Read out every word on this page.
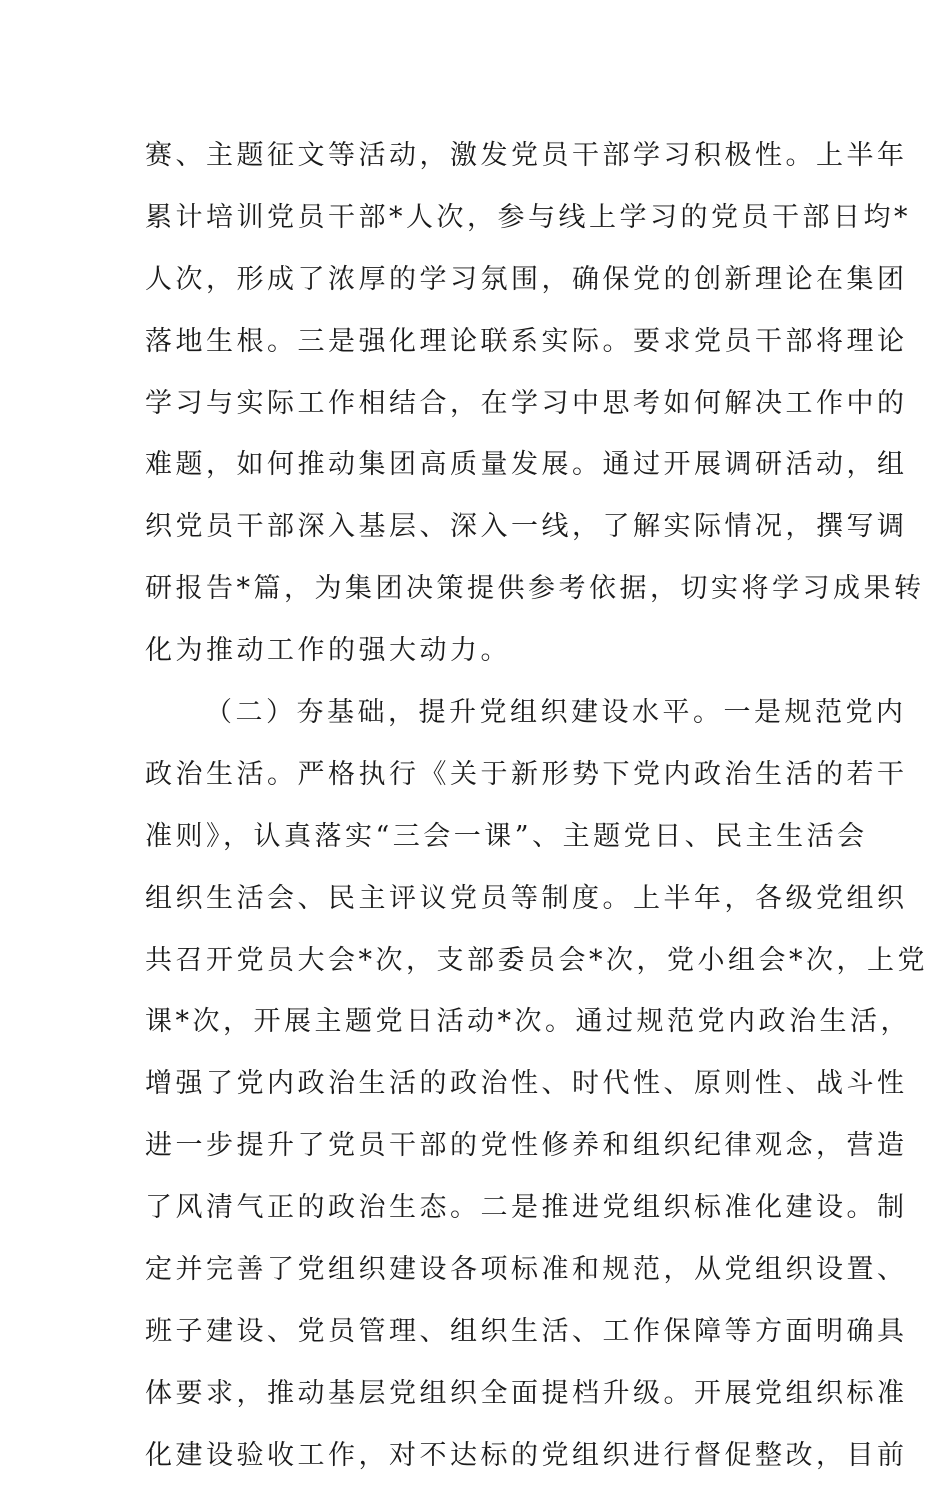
赛、主题征文等活动，激发党员干部学习积极性。上半年
累计培训党员干部*人次，参与线上学习的党员干部日均*
人次，形成了浓厚的学习氛围，确保党的创新理论在集团
落地生根。三是强化理论联系实际。要求党员干部将理论
学习与实际工作相结合，在学习中思考如何解决工作中的
难题，如何推动集团高质量发展。通过开展调研活动，组
织党员干部深入基层、深入一线，了解实际情况，撰写调
研报告*篇，为集团决策提供参考依据，切实将学习成果转
化为推动工作的强大动力。
（二）夯基础，提升党组织建设水平。一是规范党内
政治生活。严格执行《关于新形势下党内政治生活的若干
准则》，认真落实“三会一课”、主题党日、民主生活会
组织生活会、民主评议党员等制度。上半年，各级党组织
共召开党员大会*次，支部委员会*次，党小组会*次，上党
课*次，开展主题党日活动*次。通过规范党内政治生活，
增强了党内政治生活的政治性、时代性、原则性、战斗性
进一步提升了党员干部的党性修养和组织纪律观念，营造
了风清气正的政治生态。二是推进党组织标准化建设。制
定并完善了党组织建设各项标准和规范，从党组织设置、
班子建设、党员管理、组织生活、工作保障等方面明确具
体要求，推动基层党组织全面提档升级。开展党组织标准
化建设验收工作，对不达标的党组织进行督促整改，目前
